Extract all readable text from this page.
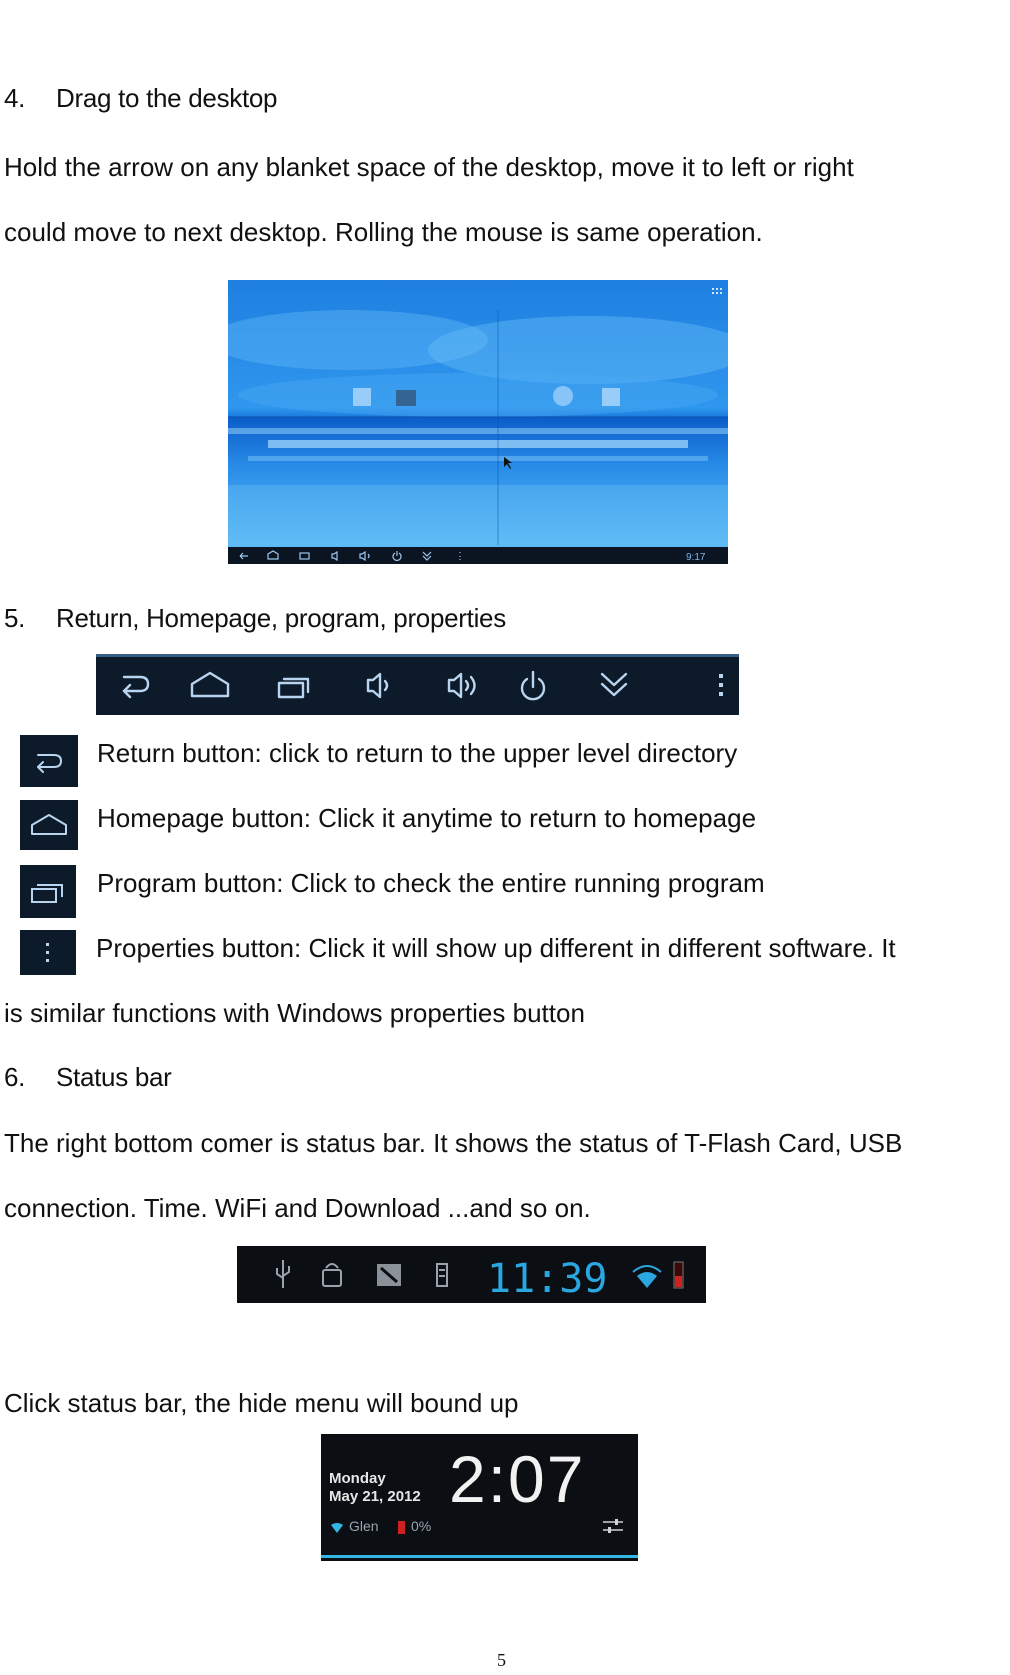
4. Drag to the desktop
Hold the arrow on any blanket space of the desktop, move it to left or right
could move to next desktop. Rolling the mouse is same operation.
9:17
5. Return, Homepage, program, properties
Return button: click to return to the upper level directory
Homepage button: Click it anytime to return to homepage
Program button: Click to check the entire running program
Properties button: Click it will show up different in different software. It
is similar functions with Windows properties button
6. Status bar
The right bottom comer is status bar. It shows the status of T-Flash Card, USB
connection. Time. WiFi and Download ...and so on.
11:39
Click status bar, the hide menu will bound up
Monday
May 21, 2012 2:07
Glen 0%
5
